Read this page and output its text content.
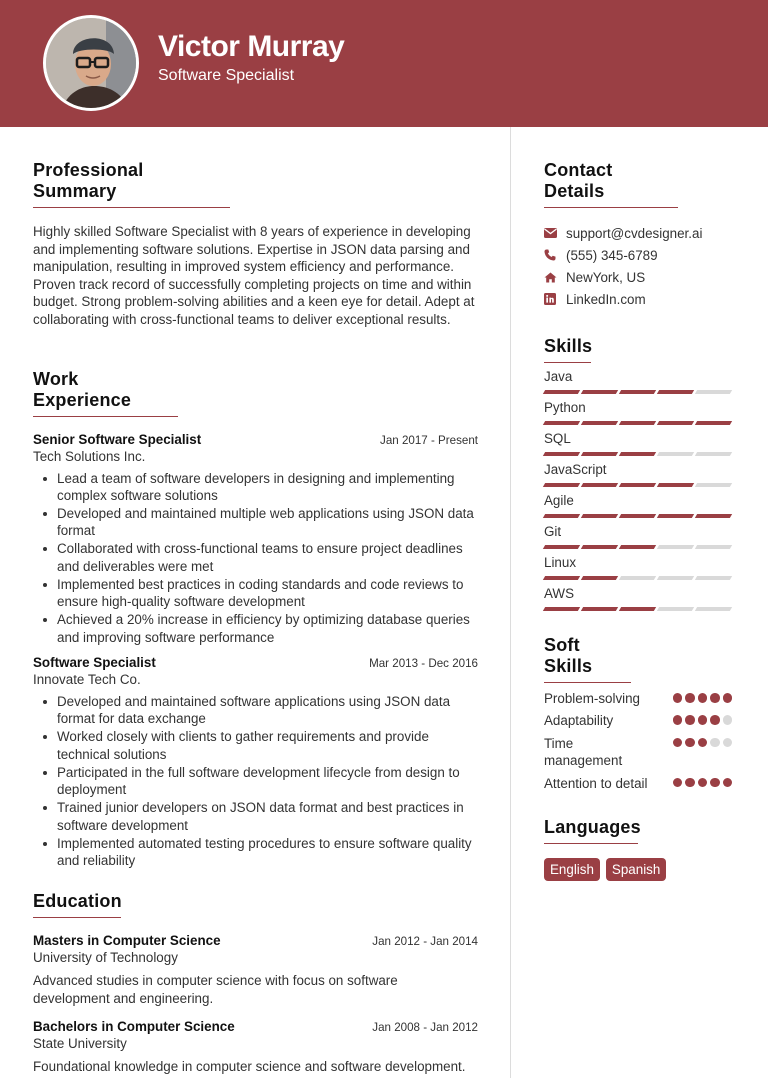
Victor Murray
Software Specialist
Professional Summary

Highly skilled Software Specialist with 8 years of experience in developing and implementing software solutions. Expertise in JSON data parsing and manipulation, resulting in improved system efficiency and performance. Proven track record of successfully completing projects on time and within budget. Strong problem-solving abilities and a keen eye for detail. Adept at collaborating with cross-functional teams to deliver exceptional results.

Work Experience
Senior Software Specialist	Jan 2017 - Present
Tech Solutions Inc.
Lead a team of software developers in designing and implementing complex software solutions
Developed and maintained multiple web applications using JSON data format
Collaborated with cross-functional teams to ensure project deadlines and deliverables were met
Implemented best practices in coding standards and code reviews to ensure high-quality software development
Achieved a 20% increase in efficiency by optimizing database queries and improving software performance
Software Specialist	Mar 2013 - Dec 2016
Innovate Tech Co.
Developed and maintained software applications using JSON data format for data exchange
Worked closely with clients to gather requirements and provide technical solutions
Participated in the full software development lifecycle from design to deployment
Trained junior developers on JSON data format and best practices in software development
Implemented automated testing procedures to ensure software quality and reliability
Education
Masters in Computer Science	Jan 2012 - Jan 2014
University of Technology

Advanced studies in computer science with focus on software development and engineering.

Bachelors in Computer Science	Jan 2008 - Jan 2012
State University

Foundational knowledge in computer science and software development.

Contact Details
support@cvdesigner.ai
(555) 345-6789
NewYork, US
LinkedIn.com
Skills
Java
Python
SQL
JavaScript
Agile
Git
Linux
AWS
Soft Skills
Problem-solving
Adaptability
Time management
Attention to detail
Languages
English	Spanish
